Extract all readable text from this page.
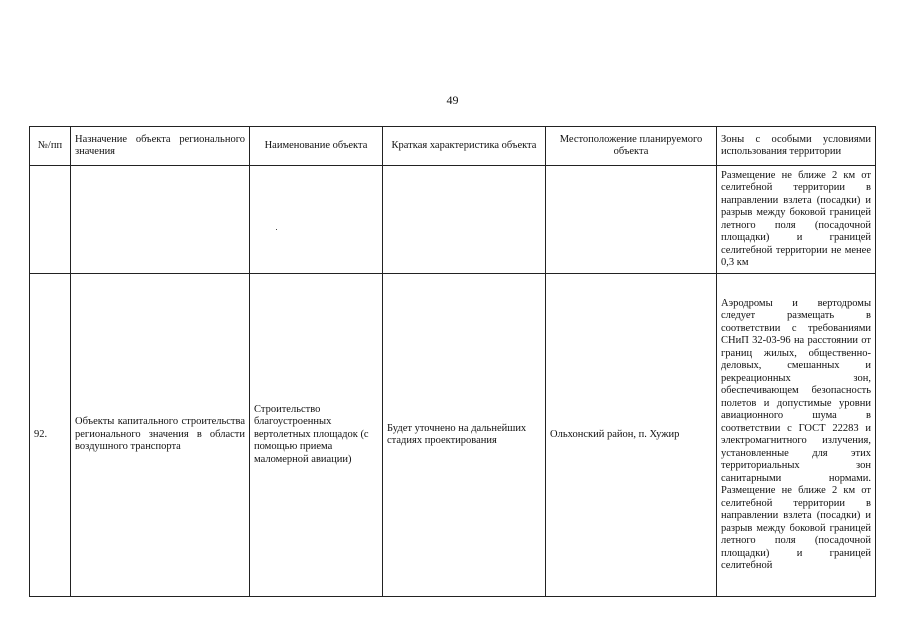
49
№/пп	Назначение объекта регионального значения	Наименование объекта	Краткая характеристика объекта	Местоположение планируемого объекта	Зоны с особыми условиями использования территории
					Размещение не ближе 2 км от селитебной территории в направлении взлета (посадки) и разрыв между боковой границей летного поля (посадочной площадки) и границей селитебной территории не менее 0,3 км
92.	Объекты капитального строительства регионального значения в области воздушного транспорта	Строительство благоустроенных вертолетных площадок (с помощью приема маломерной авиации)	Будет уточнено на дальнейших стадиях проектирования	Ольхонский район, п. Хужир	Аэродромы и вертодромы следует размещать в соответствии с требованиями СНиП 32-03-96 на расстоянии от границ жилых, общественно-деловых, смешанных и рекреационных зон, обеспечивающем безопасность полетов и допустимые уровни авиационного шума в соответствии с ГОСТ 22283 и электромагнитного излучения, установленные для этих территориальных зон санитарными нормами. Размещение не ближе 2 км от селитебной территории в направлении взлета (посадки) и разрыв между боковой границей летного поля (посадочной площадки) и границей селитебной
